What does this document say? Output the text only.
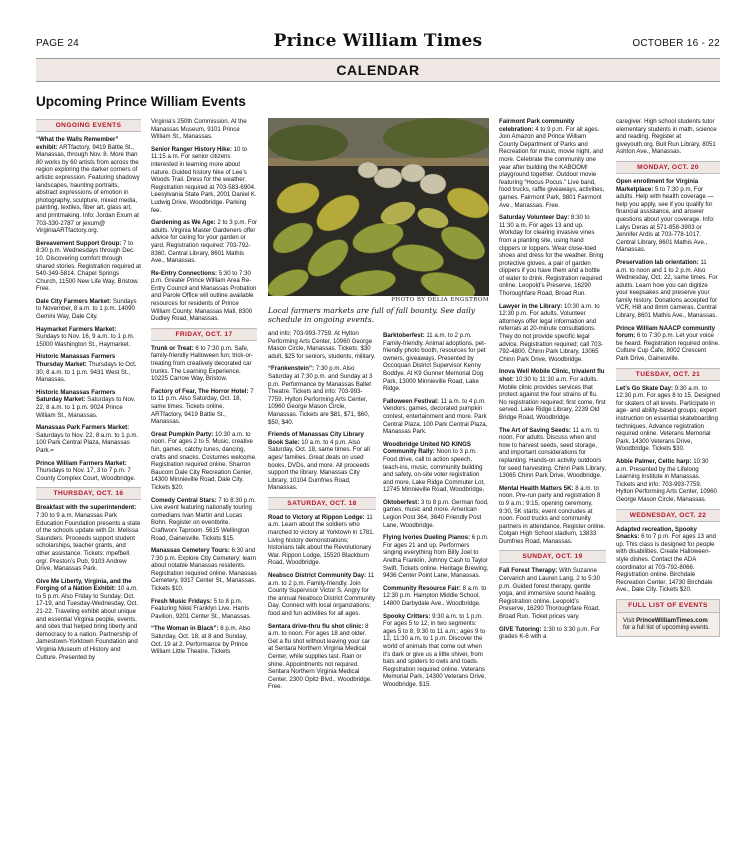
PAGE 24	Prince William Times	OCTOBER 16 - 22
CALENDAR
Upcoming Prince William Events
ONGOING EVENTS
“What the Walls Remember” exhibit: ARTfactory, 9419 Battle St., Manassas, through Nov. 8. More than 80 works by 60 artists from across the region exploring the darker corners of artistic expression. Featuring shadowy landscapes, haunting portraits, abstract expressions of emotion in photography, sculpture, mixed media, painting, textiles, fiber art, glass art, and printmaking. Info: Jordan Exum at 703-330-2787 or jexum@ VirginiaARTfactory.org.
Bereavement Support Group: 7 to 8:30 p.m. Wednesdays through Dec. 10. Discovering comfort through shared stories. Registration required at 540-349-5814. Chapel Springs Church, 11500 New Life Way, Bristow. Free.
Dale City Farmers Market: Sundays to November, 8 a.m. to 1 p.m. 14090 Gemini Way, Dale City.
Haymarket Farmers Market: Sundays to Nov. 16, 9 a.m. to 1 p.m. 15000 Washington St., Haymarket.
Historic Manassas Farmers Thursday Market: Thursdays to Oct. 30, 8 a.m. to 1 p.m. 9431 West St., Manassas.
Historic Manassas Farmers Saturday Market: Saturdays to Nov. 22, 8 a.m. to 1 p.m. 9024 Prince William St., Manassas.
Manassas Park Farmers Market: Saturdays to Nov. 22, 8 a.m. to 1 p.m. 100 Park Central Plaza, Manassas Park.=
Prince William Farmers Market: Thursdays to Nov. 17, 3 to 7 p.m. 7 County Complex Court, Woodbridge.
THURSDAY, OCT. 16
Breakfast with the superintendent: 7:30 to 9 a.m. Manassas Park Education Foundation presents a state of the schools update with Dr. Melissa Saunders. Proceeds support student scholarships, teacher grants, and other assistance. Tickets: mpefbell. org/. Preston’s Pub, 9103 Andrew Drive, Manassas Park.
Give Me Liberty, Virginia, and the Forging of a Nation Exhibit: 10 a.m. to 5 p.m. Also Friday to Sunday, Oct. 17-19, and Tuesday-Wednesday, Oct. 21-22. Traveling exhibit about unique and essential Virginia people, events, and sites that helped bring liberty and democracy to a nation. Partnership of Jamestown-Yorktown Foundation and Virginia Museum of History and Culture. Presented by
Virginia’s 250th Commission. At the Manassas Museum, 9101 Prince William St., Manassas.
Senior Ranger History Hike: 10 to 11:15 a.m. For senior citizens interested in learning more about nature. Guided history hike of Lee’s Woods Trail. Dress for the weather. Registration required at 703-583-6904. Leesylvania State Park, 2001 Daniel K. Ludwig Drive, Woodbridge. Parking fee.
Gardening as We Age: 2 to 3 p.m. For adults. Virginia Master Gardeners offer advice for caring for your garden or yard. Registration required: 703-792-8360. Central Library, 8601 Mathis Ave., Manassas.
Re-Entry Connections: 5:30 to 7:30 p.m. Greater Prince William Area Re-Entry Council and Manassas Probation and Parole Office will outline available resources for residents of Prince William County. Manassas Mall, 8300 Dudley Road, Manassas.
FRIDAY, OCT. 17
Trunk or Treat: 6 to 7:30 p.m. Safe, family-friendly Halloween fun; trick-or-treating from creatively decorated car trunks. The Learning Experience, 10225 Carrow Way, Bristow.
Factory of Fear, The Horror Hotel: 7 to 11 p.m. Also Saturday, Oct. 18, same times. Tickets online. ARTfactory, 9419 Battle St., Manassas.
Great Pumpkin Party: 10:30 a.m. to noon. For ages 2 to 5. Music, creative fun, games, catchy tunes, dancing, crafts and snacks. Costumes welcome. Registration required online. Sharron Baucom Dale City Recreation Center, 14300 Minnieville Road, Dale City. Tickets $20.
Comedy Central Stars: 7 to 8:30 p.m. Live event featuring nationally touring comedians Ivan Martin and Lucas Bohn. Register on eventbrite. Craftworx Taproom. 5615 Wellington Road, Gainesville. Tickets $15.
Manassas Cemetery Tours: 6:30 and 7:30 p.m. Explore City Cemetery; learn about notable Manassas residents. Registration required online. Manassas Cemetery, 9317 Center St., Manassas. Tickets $10.
Fresh Music Fridays: 5 to 8 p.m. Featuring Nikki Franklyn Live. Harris Pavilion, 9201 Center St., Manassas.
“The Woman in Black”: 8 p.m. Also Saturday, Oct. 18, at 8 and Sunday, Oct. 19 at 2. Performance by Prince William Little Theatre. Tickets
PHOTO BY DELIA ENGSTROM
Local farmers markets are full of fall bounty. See daily schedule in ongoing events.
and info: 703-993-7759. At Hylton Performing Arts Center, 10960 George Mason Circle, Manassas. Tickets: $30 adult, $25 for seniors, students, military.
“Frankenstein”: 7:30 p.m. Also Saturday at 7:30 p.m. and Sunday at 3 p.m. Performance by Manassas Ballet Theatre. Tickets and info: 703-993-7759. Hylton Performing Arts Center, 10960 George Mason Circle, Manassas. Tickets are $81, $71, $60, $50, $40.
Friends of Manassas City Library Book Sale: 10 a.m. to 4 p.m. Also Saturday, Oct. 18, same times. For all ages/ families. Great deals on used books, DVDs, and more. All proceeds support the library. Manassas City Library, 10104 Dumfries Road, Manassas.
SATURDAY, OCT. 18
Road to Victory at Rippon Lodge: 11 a.m. Learn about the soldiers who marched to victory at Yorktown in 1781. Living history demonstrations; historians talk about the Revolutionary War. Rippon Lodge, 15520 Blackburn Road, Woodbridge.
Neabsco District Community Day: 11 a.m. to 2 p.m. Family-friendly. Join County Supervisor Victor S. Angry for the annual Neabsco District Community Day. Connect with local organizations; food and fun activities for all ages.
Sentara drive-thru flu shot clinic: 8 a.m. to noon. For ages 18 and older. Get a flu shot without leaving your car at Sentara Northern Virginia Medical Center, while supplies last. Rain or shine. Appointments not required. Sentara Northern Virginia Medical Center, 2300 Opitz Blvd., Woodbridge. Free.
Barktoberfest: 11 a.m. to 2 p.m. Family-friendly. Animal adoptions, pet-friendly photo booth, resources for pet owners, giveaways. Presented by Occoquan District Supervisor Kenny Boddye. At K9 Gunner Memorial Dog Park, 13000 Minnieville Road, Lake Ridge.
Falloween Festival: 11 a.m. to 4 p.m. Vendors, games, decorated pumpkin contest, entertainment and more. Park Central Plaza, 100 Park Central Plaza, Manassas Park.
Woodbridge United NO KINGS Community Rally: Noon to 3 p.m. Food drive, call to action speech, teach-ins, music, community building and safety, on-site voter registration and more. Lake Ridge Commuter Lot, 12745 Minnieville Road, Woodbridge.
Oktoberfest: 3 to 8 p.m. German food, games, music and more. American Legion Post 364, 3640 Friendly Post Lane, Woodbridge.
Flying Ivories Dueling Pianos: 6 p.m. For ages 21 and up. Performers singing everything from Billy Joel to Aretha Franklin, Johnny Cash to Taylor Swift. Tickets online. Heritage Brewing, 9436 Center Point Lane, Manassas.
Community Resource Fair: 8 a.m. to 12:30 p.m. Hampton Middle School, 14800 Darbydale Ave., Woodbridge.
Spooky Critters: 9:30 a.m. to 1 p.m. For ages 5 to 12, in two segments: ages 5 to 8, 9:30 to 11 a.m.; ages 9 to 12, 11:30 a.m. to 1 p.m. Discover the world of animals that come out when it’s dark or give us a little shiver, from bats and spiders to owls and toads. Registration required online. Veterans Memorial Park, 14300 Veterans Drive, Woodbridge. $15.
Fairmont Park community celebration: 4 to 9 p.m. For all ages. Join Amazon and Prince William County Department of Parks and Recreation for music, movie night, and more. Celebrate the community one year after building the KABOOM! playground together. Outdoor movie featuring “Hocus Pocus.” Live band, food trucks, raffle giveaways, activities, games. Fairmont Park, 9801 Fairmont Ave., Manassas. Free.
Saturday Volunteer Day: 8:30 to 11:30 a.m. For ages 13 and up. Workday for clearing invasive vines from a planting site, using hand clippers or loppers. Wear close-toed shoes and dress for the weather. Bring protective gloves, a pair of garden clippers if you have them and a bottle of water to drink. Registration required online. Leopold’s Preserve, 16290 Thoroughfare Road, Broad Run.
Lawyer in the Library: 10:30 a.m. to 12:30 p.m. For adults. Volunteer attorneys offer legal information and referrals at 20-minute consultations. They do not provide specific legal advice. Registration required; call 703-792-4800. Chinn Park Library, 13065 Chinn Park Drive, Woodbridge.
Inova Well Mobile Clinic, trivalent flu shot: 10:30 to 11:30 a.m. For adults. Mobile clinic provides services that protect against the four strains of flu. No registration required; first come, first served. Lake Ridge Library, 2239 Old Bridge Road, Woodbridge.
The Art of Saving Seeds: 11 a.m. to noon. For adults. Discuss when and how to harvest seeds, seed storage, and important considerations for replanting. Hands-on activity outdoors for seed harvesting. Chinn Park Library, 13065 Chinn Park Drive, Woodbridge.
Mental Health Matters 5K: 8 a.m. to noon. Pre-run party and registration 8 to 9 a.m.; 9:15, opening ceremony, 9:30, 5K starts; event concludes at noon. Food trucks and community partners in attendance. Register online. Colgan High School stadium, 13833 Dumfries Road, Manassas.
SUNDAY, OCT. 19
Fall Forest Therapy: With Suzanne Cervarich and Lauren Lang. 2 to 5:30 p.m. Guided forest therapy, gentle yoga, and immersive sound healing. Registration online. Leopold’s Preserve, 16290 Thoroughfare Road, Broad Run. Ticket prices vary.
GIVE Tutoring: 1:30 to 3:30 p.m. For grades K-6 with a
caregiver. High school students tutor elementary students in math, science and reading. Register at giveyouth.org. Bull Run Library, 8051 Ashton Ave., Manassas.
MONDAY, OCT. 20
Open enrollment for Virginia Marketplace: 5 to 7:30 p.m. For adults. Help with health coverage — help you apply, see if you qualify for financial assistance, and answer questions about your coverage. Info: Lalys Deras at 571-858-3903 or Jennifer Ardis at 703-778-1017. Central Library, 8601 Mathis Ave., Manassas.
Preservation lab orientation: 11 a.m. to noon and 1 to 2 p.m. Also Wednesday, Oct. 22, same times. For adults. Learn how you can digitize your keepsakes and preserve your family history. Donations accepted for VCR, Hi8 and 8mm cameras. Central Library, 8601 Mathis Ave., Manassas.
Prince William NAACP community forum: 6 to 7:30 p.m. Let your voice be heard. Registration required online. Culture Cup Cafe, 8002 Crescent Park Drive, Gainesville.
TUESDAY, OCT. 21
Let’s Go Skate Day: 9:30 a.m. to 12:30 p.m. For ages 8 to 15. Designed for skaters of all levels. Participate in age- and ability-based groups; expert instruction on essential skateboarding techniques. Advance registration required online. Veterans Memorial Park, 14300 Veterans Drive, Woodbridge. Tickets $30.
Abbie Palmer, Celtic harp: 10:30 a.m. Presented by the Lifelong Learning Institute in Manassas. Tickets and info: 703-993-7759. Hylton Performing Arts Center, 10960 George Mason Circle, Manassas.
WEDNESDAY, OCT. 22
Adapted recreation, Spooky Snacks: 6 to 7 p.m. For ages 13 and up. This class is designed for people with disabilities. Create Halloween-style dishes. Contact the ADA coordinator at 703-792-8066. Registration online. Birchdale Recreation Center, 14730 Birchdale Ave., Dale City. Tickets $20.
FULL LIST OF EVENTS

Visit PrinceWilliamTimes.com for a full list of upcoming events.
